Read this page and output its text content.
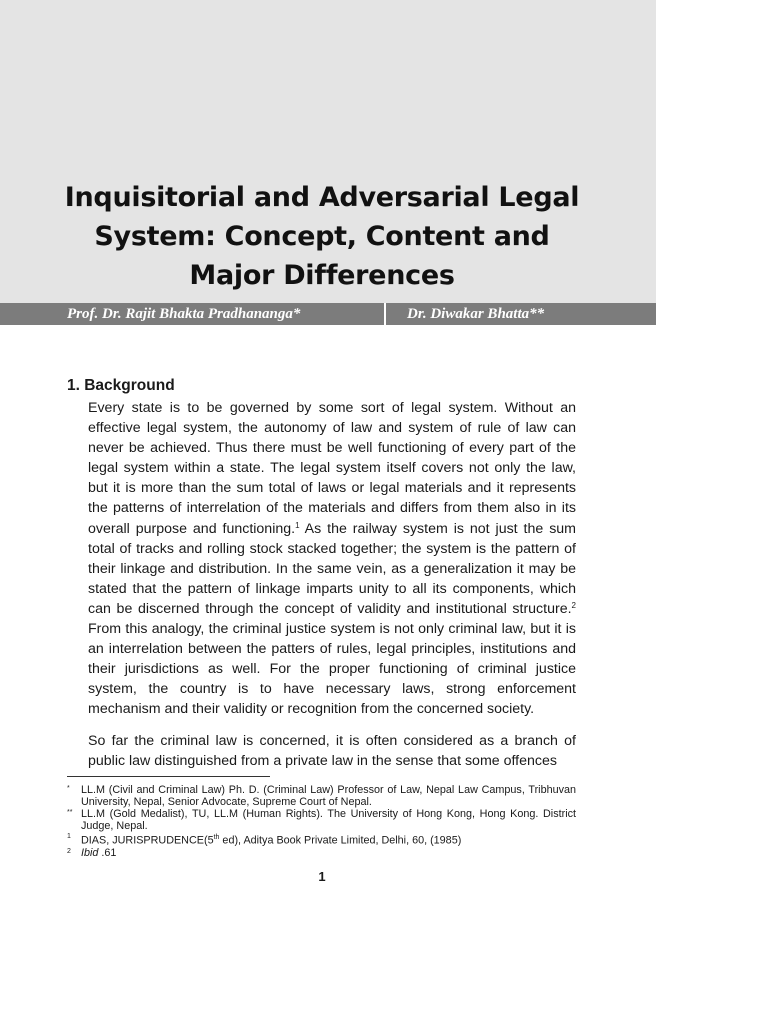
Inquisitorial and Adversarial Legal
System: Concept, Content and
Major Differences
Prof. Dr. Rajit Bhakta Pradhananga*	Dr. Diwakar Bhatta**
1. Background

Every state is to be governed by some sort of legal system. Without an effective legal system, the autonomy of law and system of rule of law can never be achieved. Thus there must be well functioning of every part of the legal system within a state. The legal system itself covers not only the law, but it is more than the sum total of laws or legal materials and it represents the patterns of interrelation of the materials and differs from them also in its overall purpose and functioning.$^1$ As the railway system is not just the sum total of tracks and rolling stock stacked together; the system is the pattern of their linkage and distribution. In the same vein, as a generalization it may be stated that the pattern of linkage imparts unity to all its components, which can be discerned through the concept of validity and institutional structure.$^2$ From this analogy, the criminal justice system is not only criminal law, but it is an interrelation between the patters of rules, legal principles, institutions and their jurisdictions as well. For the proper functioning of criminal justice system, the country is to have necessary laws, strong enforcement mechanism and their validity or recognition from the concerned society.

So far the criminal law is concerned, it is often considered as a branch of public law distinguished from a private law in the sense that some offences

*	LL.M (Civil and Criminal Law) Ph. D. (Criminal Law) Professor of Law, Nepal Law Campus, Tribhuvan University, Nepal, Senior Advocate, Supreme Court of Nepal.
** LL.M (Gold Medalist), TU, LL.M (Human Rights). The University of Hong Kong, Hong Kong. District Judge, Nepal.
1 DIAS, JURISPRUDENCE(5th ed), Aditya Book Private Limited, Delhi, 60, (1985)
2 Ibid .61

1
